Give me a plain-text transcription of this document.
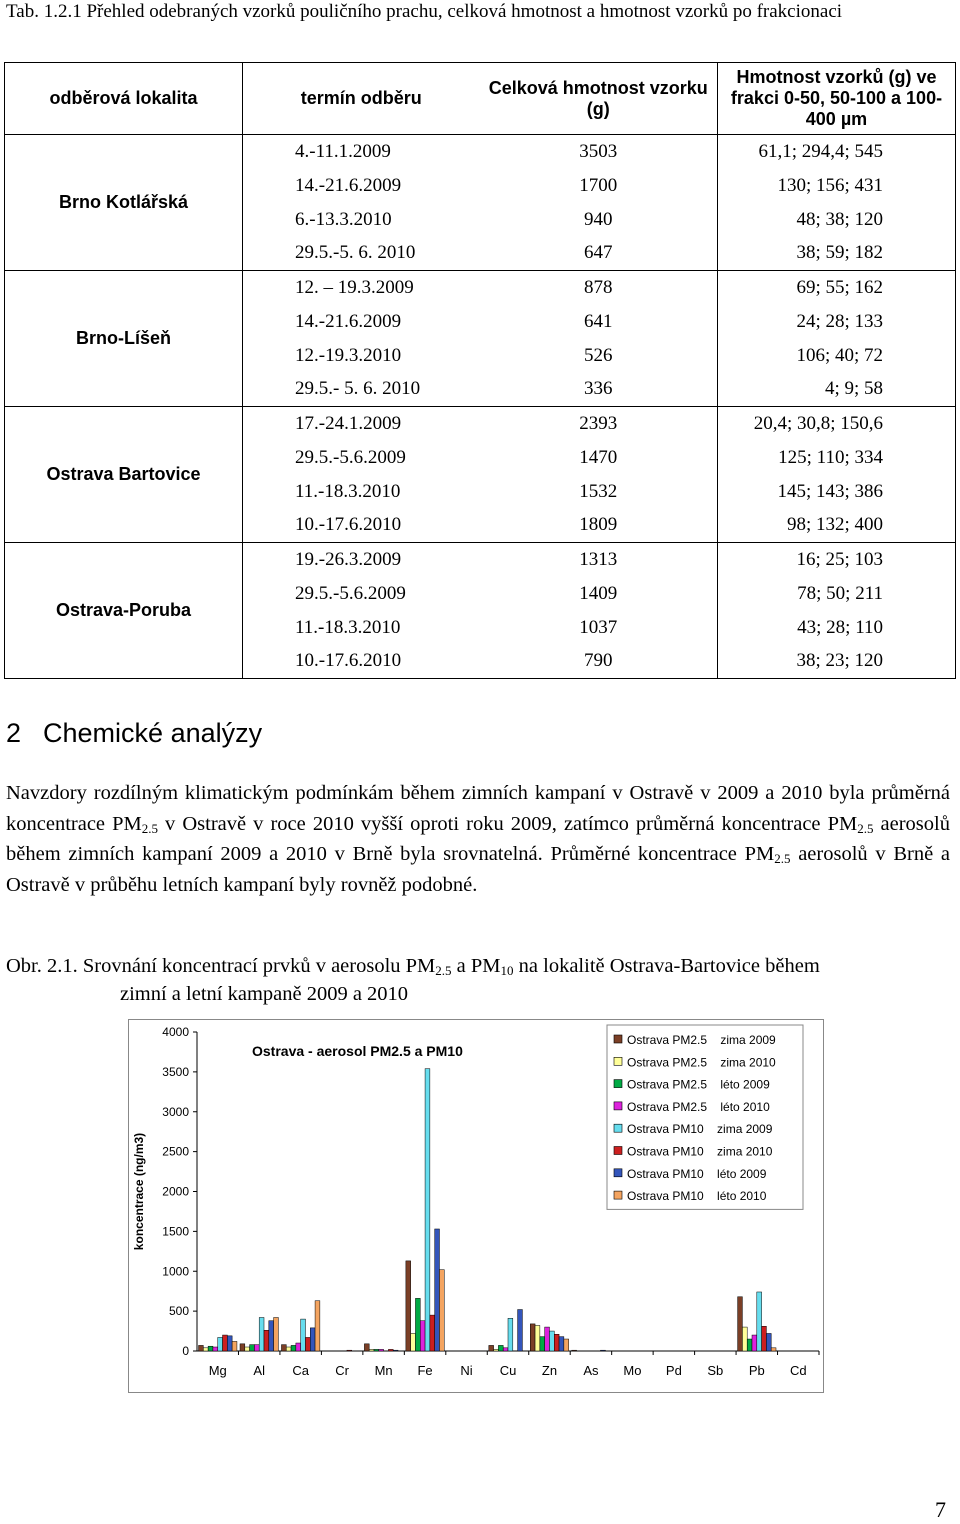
Tab. 1.2.1 Přehled odebraných vzorků pouličního prachu, celková hmotnost a hmotnost vzorků po frakcionaci
odběrová lokalita	termín odběru	Celková hmotnost vzorku (g)	Hmotnost vzorků (g) ve frakci 0-50, 50-100 a 100-400 µm
Brno Kotlářská	4.-11.1.2009	3503	61,1; 294,4; 545
	14.-21.6.2009	1700	130; 156; 431
	6.-13.3.2010	940	48; 38; 120
	29.5.-5. 6. 2010	647	38; 59; 182
Brno-Líšeň	12. – 19.3.2009	878	69; 55; 162
	14.-21.6.2009	641	24; 28; 133
	12.-19.3.2010	526	106; 40; 72
	29.5.- 5. 6. 2010	336	4; 9; 58
Ostrava Bartovice	17.-24.1.2009	2393	20,4; 30,8; 150,6
	29.5.-5.6.2009	1470	125; 110; 334
	11.-18.3.2010	1532	145; 143; 386
	10.-17.6.2010	1809	98; 132; 400
Ostrava-Poruba	19.-26.3.2009	1313	16; 25; 103
	29.5.-5.6.2009	1409	78; 50; 211
	11.-18.3.2010	1037	43; 28; 110
	10.-17.6.2010	790	38; 23; 120
2 Chemické analýzy
Navzdory rozdílným klimatickým podmínkám během zimních kampaní v Ostravě v 2009 a 2010 byla průměrná koncentrace $PM_{2.5}$ v Ostravě v roce 2010 vyšší oproti roku 2009, zatímco průměrná koncentrace $PM_{2.5}$ aerosolů během zimních kampaní 2009 a 2010 v Brně byla srovnatelná. Průměrné koncentrace $PM_{2.5}$ aerosolů v Brně a Ostravě v průběhu letních kampaní byly rovněž podobné.
Obr. 2.1. Srovnání koncentrací prvků v aerosolu $PM_{2.5}$ a $PM_{10}$ na lokalitě Ostrava-Bartovice během
zimní a letní kampaně 2009 a 2010
4000
3500
3000
2500
2000
1500
1000
500
0
koncentrace (ng/m3)
Mg Al Ca Cr Mn Fe Ni Cu Zn As Mo Pd Sb Pb Cd
Ostrava - aerosol PM2.5 a PM10
Ostrava PM2.5    zima 2009
Ostrava PM2.5    zima 2010
Ostrava PM2.5    léto 2009
Ostrava PM2.5    léto 2010
Ostrava PM10    zima 2009
Ostrava PM10    zima 2010
Ostrava PM10    léto 2009
Ostrava PM10    léto 2010
7
